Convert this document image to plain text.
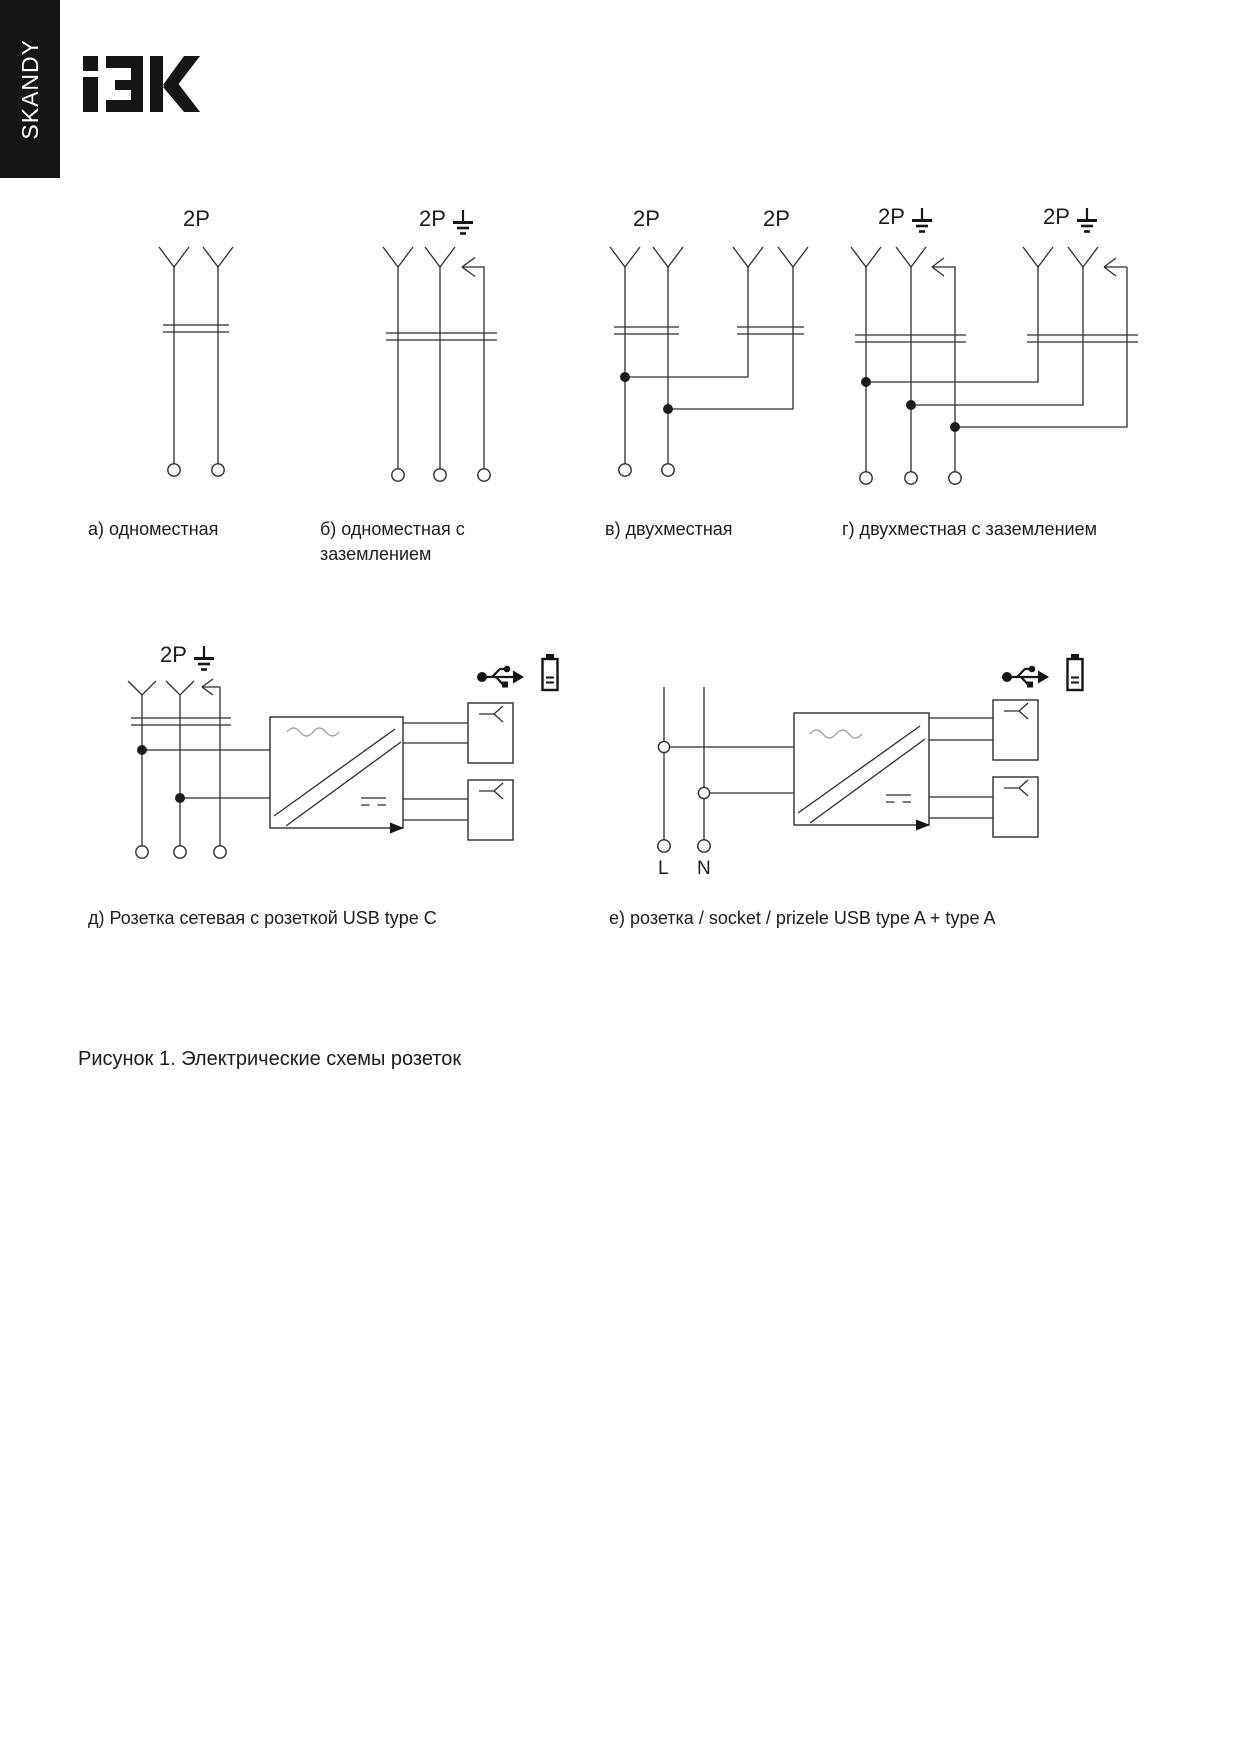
SKANDY
2P	2P	2P	2P	2P	2P
2P
L N
а) одноместная	б) одноместная с заземлением
в) двухместная	г) двухместная с заземлением
д) Розетка сетевая с розеткой USB type C	е) розетка / socket / prizele USB type A + type A
Рисунок 1. Электрические схемы розеток
